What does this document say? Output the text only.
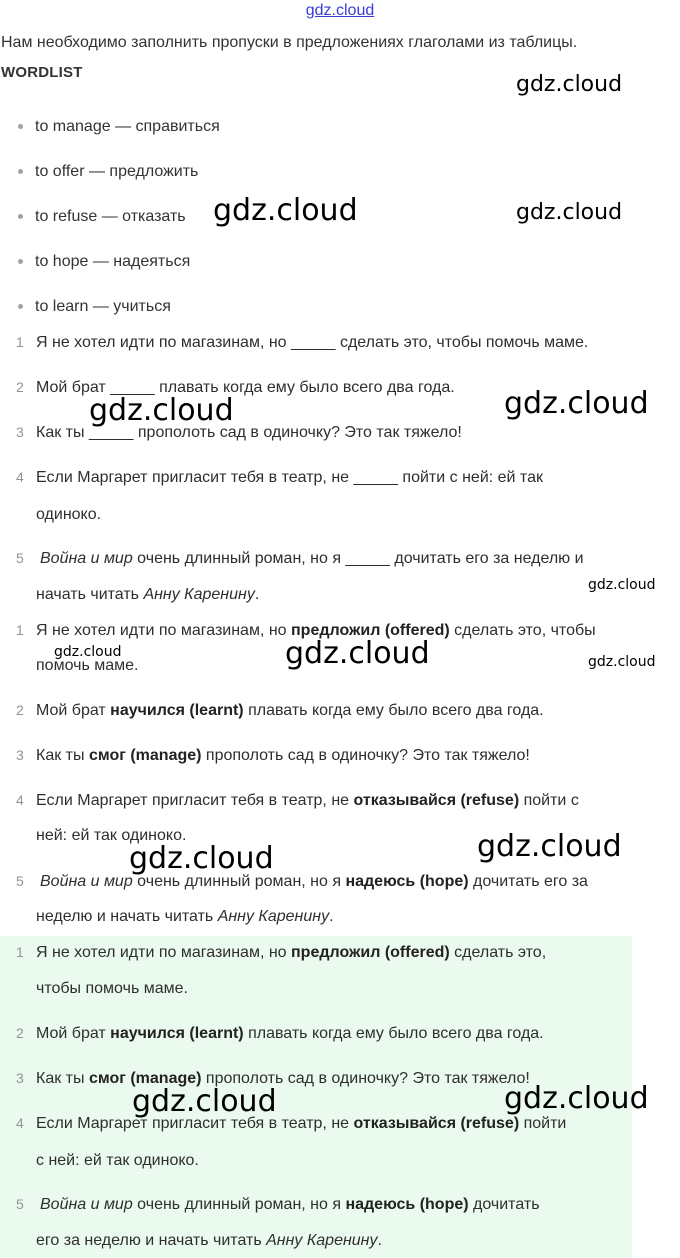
gdz.cloud
Нам необходимо заполнить пропуски в предложениях глаголами из таблицы.
WORDLIST
to manage — справиться
to offer — предложить
to refuse — отказать
to hope — надеяться
to learn — учиться
1 Я не хотел идти по магазинам, но _____ сделать это, чтобы помочь маме.
2 Мой брат _____ плавать когда ему было всего два года.
3 Как ты _____ прополоть сад в одиночку? Это так тяжело!
4 Если Маргарет пригласит тебя в театр, не _____ пойти с ней: ей так
одиноко.
5 Война и мир очень длинный роман, но я _____ дочитать его за неделю и
начать читать Анну Каренину.
1 Я не хотел идти по магазинам, но предложил (offered) сделать это, чтобы
помочь маме.
2 Мой брат научился (learnt) плавать когда ему было всего два года.
3 Как ты смог (manage) прополоть сад в одиночку? Это так тяжело!
4 Если Маргарет пригласит тебя в театр, не отказывайся (refuse) пойти с
ней: ей так одиноко.
5 Война и мир очень длинный роман, но я надеюсь (hope) дочитать его за
неделю и начать читать Анну Каренину.
1 Я не хотел идти по магазинам, но предложил (offered) сделать это,
чтобы помочь маме.
2 Мой брат научился (learnt) плавать когда ему было всего два года.
3 Как ты смог (manage) прополоть сад в одиночку? Это так тяжело!
4 Если Маргарет пригласит тебя в театр, не отказывайся (refuse) пойти
с ней: ей так одиноко.
5 Война и мир очень длинный роман, но я надеюсь (hope) дочитать
его за неделю и начать читать Анну Каренину.
gdz.cloud
gdz.cloud	gdz.cloud
gdz.cloud	gdz.cloud
gdz.cloud
gdz.cloud	gdz.cloud	gdz.cloud
gdz.cloud	gdz.cloud
gdz.cloud	gdz.cloud
